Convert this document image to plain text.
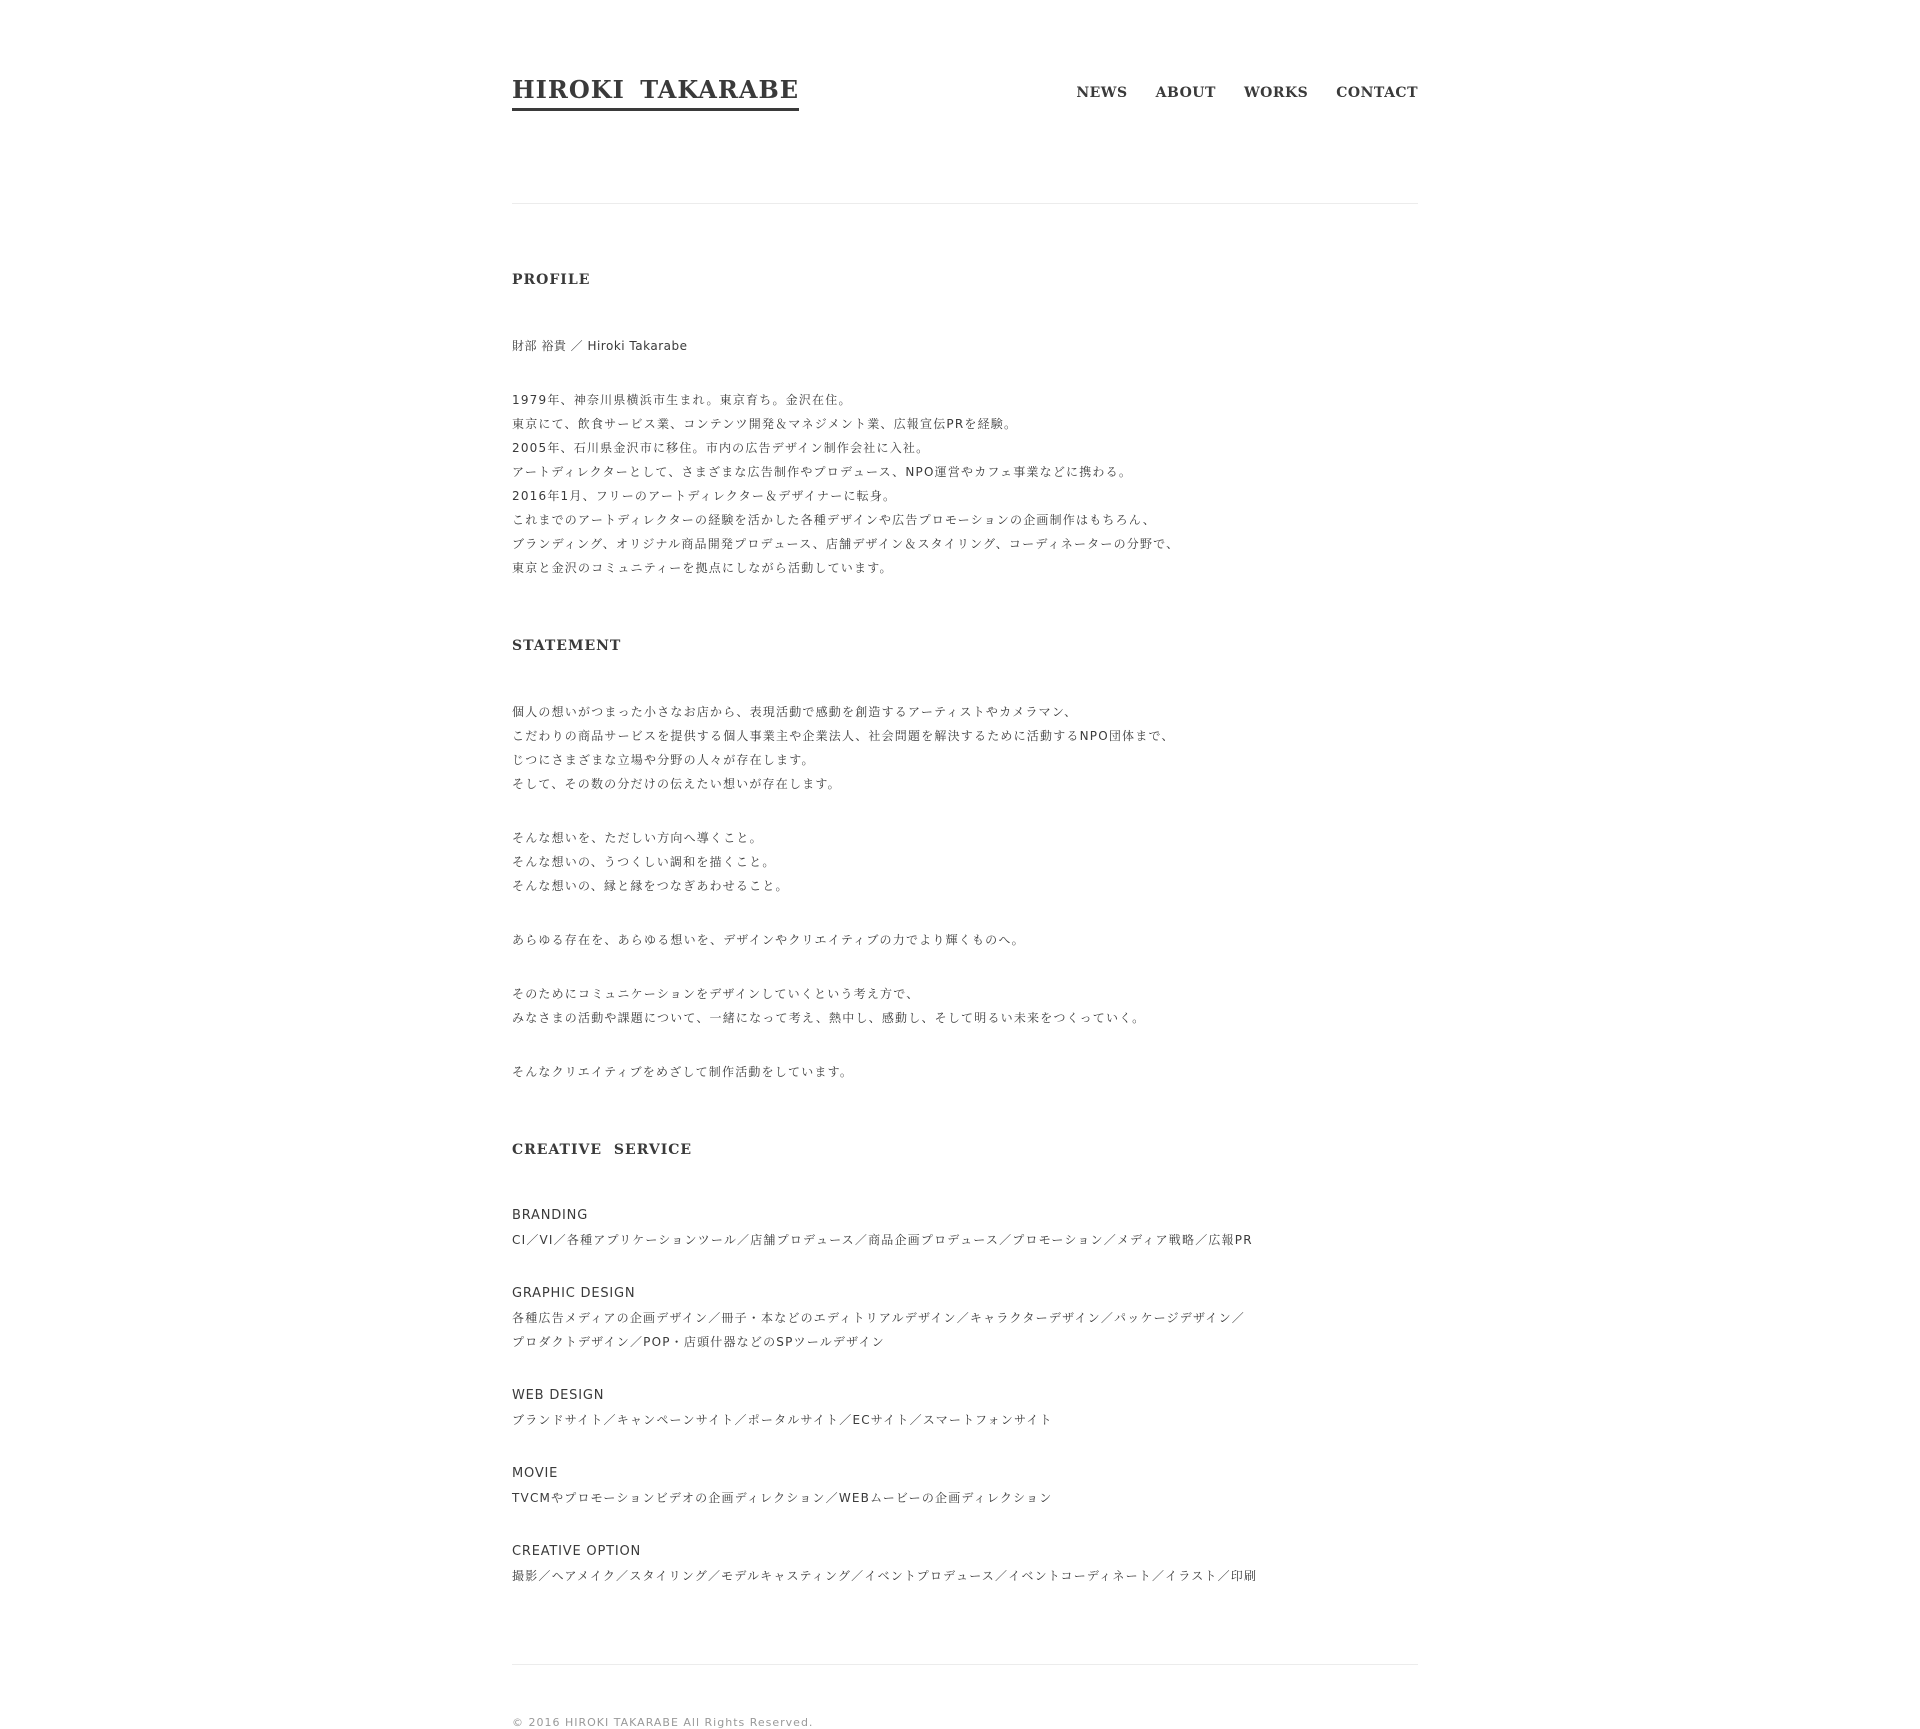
HIROKI TAKARABE	NEWS ABOUT WORKS CONTACT
PROFILE

財部 裕貴 ／ Hiroki Takarabe

1979年、神奈川県横浜市生まれ。東京育ち。金沢在住。
東京にて、飲食サービス業、コンテンツ開発＆マネジメント業、広報宣伝PRを経験。
2005年、石川県金沢市に移住。市内の広告デザイン制作会社に入社。
アートディレクターとして、さまざまな広告制作やプロデュース、NPO運営やカフェ事業などに携わる。
2016年1月、フリーのアートディレクター＆デザイナーに転身。
これまでのアートディレクターの経験を活かした各種デザインや広告プロモーションの企画制作はもちろん、
ブランディング、オリジナル商品開発プロデュース、店舗デザイン＆スタイリング、コーディネーターの分野で、
東京と金沢のコミュニティーを拠点にしながら活動しています。

STATEMENT

個人の想いがつまった小さなお店から、表現活動で感動を創造するアーティストやカメラマン、
こだわりの商品サービスを提供する個人事業主や企業法人、社会問題を解決するために活動するNPO団体まで、
じつにさまざまな立場や分野の人々が存在します。
そして、その数の分だけの伝えたい想いが存在します。

そんな想いを、ただしい方向へ導くこと。
そんな想いの、うつくしい調和を描くこと。
そんな想いの、縁と縁をつなぎあわせること。

あらゆる存在を、あらゆる想いを、デザインやクリエイティブの力でより輝くものへ。

そのためにコミュニケーションをデザインしていくという考え方で、
みなさまの活動や課題について、一緒になって考え、熱中し、感動し、そして明るい未来をつくっていく。

そんなクリエイティブをめざして制作活動をしています。

CREATIVE SERVICE

BRANDING

CI／VI／各種アプリケーションツール／店舗プロデュース／商品企画プロデュース／プロモーション／メディア戦略／広報PR

GRAPHIC DESIGN

各種広告メディアの企画デザイン／冊子・本などのエディトリアルデザイン／キャラクターデザイン／パッケージデザイン／
プロダクトデザイン／POP・店頭什器などのSPツールデザイン

WEB DESIGN

ブランドサイト／キャンペーンサイト／ポータルサイト／ECサイト／スマートフォンサイト

MOVIE

TVCMやプロモーションビデオの企画ディレクション／WEBムービーの企画ディレクション

CREATIVE OPTION

撮影／ヘアメイク／スタイリング／モデルキャスティング／イベントプロデュース／イベントコーディネート／イラスト／印刷

© 2016 HIROKI TAKARABE All Rights Reserved.
